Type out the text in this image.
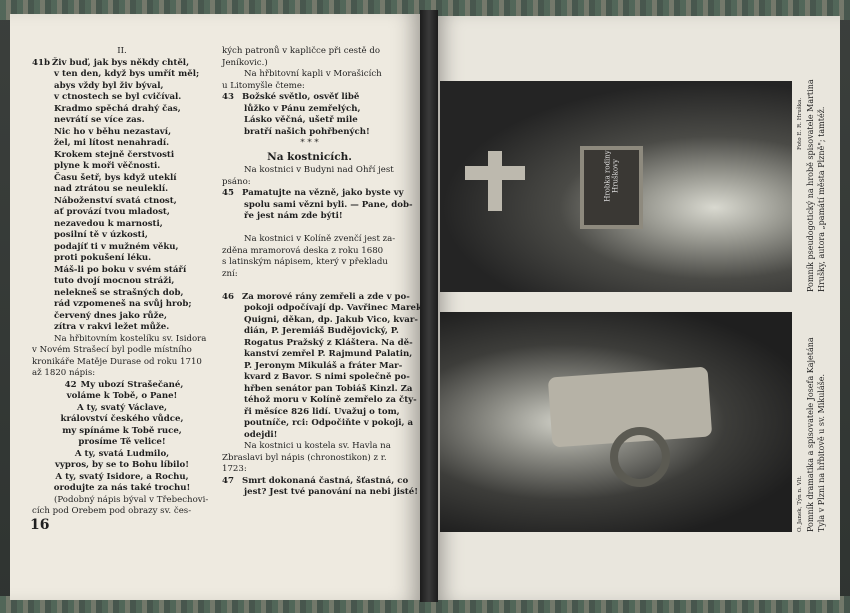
II.
41b Živ buď, jak bys někdy chtěl,
v ten den, když bys umřít měl;
abys vždy byl živ býval,
v ctnostech se byl cvičíval.
Kradmo spěchá drahý čas,
nevrátí se více zas.
Nic ho v běhu nezastaví,
žel, mi lítost nenahradí.
Krokem stejně čerstvosti
plyne k moři věčnosti.
Času šetř, bys když uteklí
nad ztrátou se neuleklí.
Náboženství svatá ctnost,
ať provází tvou mladost,
nezavedou k marnosti,
posilní tě v úzkosti,
podajíť ti v mužném věku,
proti pokušení léku.
Máš-li po boku v svém stáří
tuto dvojí mocnou stráži,
neleknеš se strašných dob,
rád vzpomeneš na svůj hrob;
červený dnes jako růže,
zítra v rakvi ležet může.
Na hřbitovním kostelíku sv. Isidora
v Novém Strašecí byl podle místního
kronikáře Matěje Durase od roku 1710
až 1820 nápis:
42 My ubozí Strašečané,
voláme k Tobě, o Pane!
A ty, svatý Václave,
království českého vůdce,
my spínáme k Tobě ruce,
prosíme Tě velice!
A ty, svatá Ludmilo,
vypros, by se to Bohu líbilo!
A ty, svatý Isidore, a Rochu,
orodujte za nás také trochu!
(Podobný nápis býval v Třebechovi-
cích pod Orebem pod obrazy sv. čes-
kých patronů v kapličce při cestě do
Jeníkovic.)
Na hřbitovní kapli v Morašicích
u Litomyšle čteme:
43 Božské světlo, osvěť libě
lůžko v Pánu zemřelých,
Lásko věčná, ušetř mile
bratří našich pohřbených!
* * *
Na kostnicích.
Na kostnici v Budyni nad Ohří jest
psáno:
45 Pamatujte na vězně, jako byste vy
spolu sami vězni byli. — Pane, dob-
ře jest nám zde býti!

Na kostnici v Kolíně zvenčí jest za-
zděna mramorová deska z roku 1680
s latinským nápisem, který v překladu
zní:

46 Za morové rány zemřeli a zde v po-
pokoji odpočívají dp. Vavřinec Marek
Quigni, děkan, dp. Jakub Vico, kvar-
dián, P. Jeremiáš Budějovický, P.
Rogatus Pražský z Kláštera. Na dě-
kanství zemřel P. Rajmund Palatin,
P. Jeronym Mikuláš a fráter Mar-
kvard z Bavor. S nimi společně po-
hřben senátor pan Tobiáš Kinzl. Za
téhož moru v Kolíně zemřelo za čty-
ři měsíce 826 lidí. Uvažuj o tom,
poutníče, rci: Odpočiňte v pokoji, a
odejdi!
Na kostnici u kostela sv. Havla na
Zbraslavi byl nápis (chronostikon) z r.
1723:
47 Smrt dokonaná častná, šťastná, co
jest? Jest tvé panování na nebi jisté!
16
Hrobka rodiny Hruškovy
Foto E. R. Hruška. Pomník pseudogotický na hrobě spisovatele Martina Hrušky, autora „památí města Plzně"; tamtéž.
O. Janek, Týn n. Vlt. Pomník dramatika a spisovatele Josefa Kajetána Tyla v Plzni na hřbitově u sv. Mikuláše.
